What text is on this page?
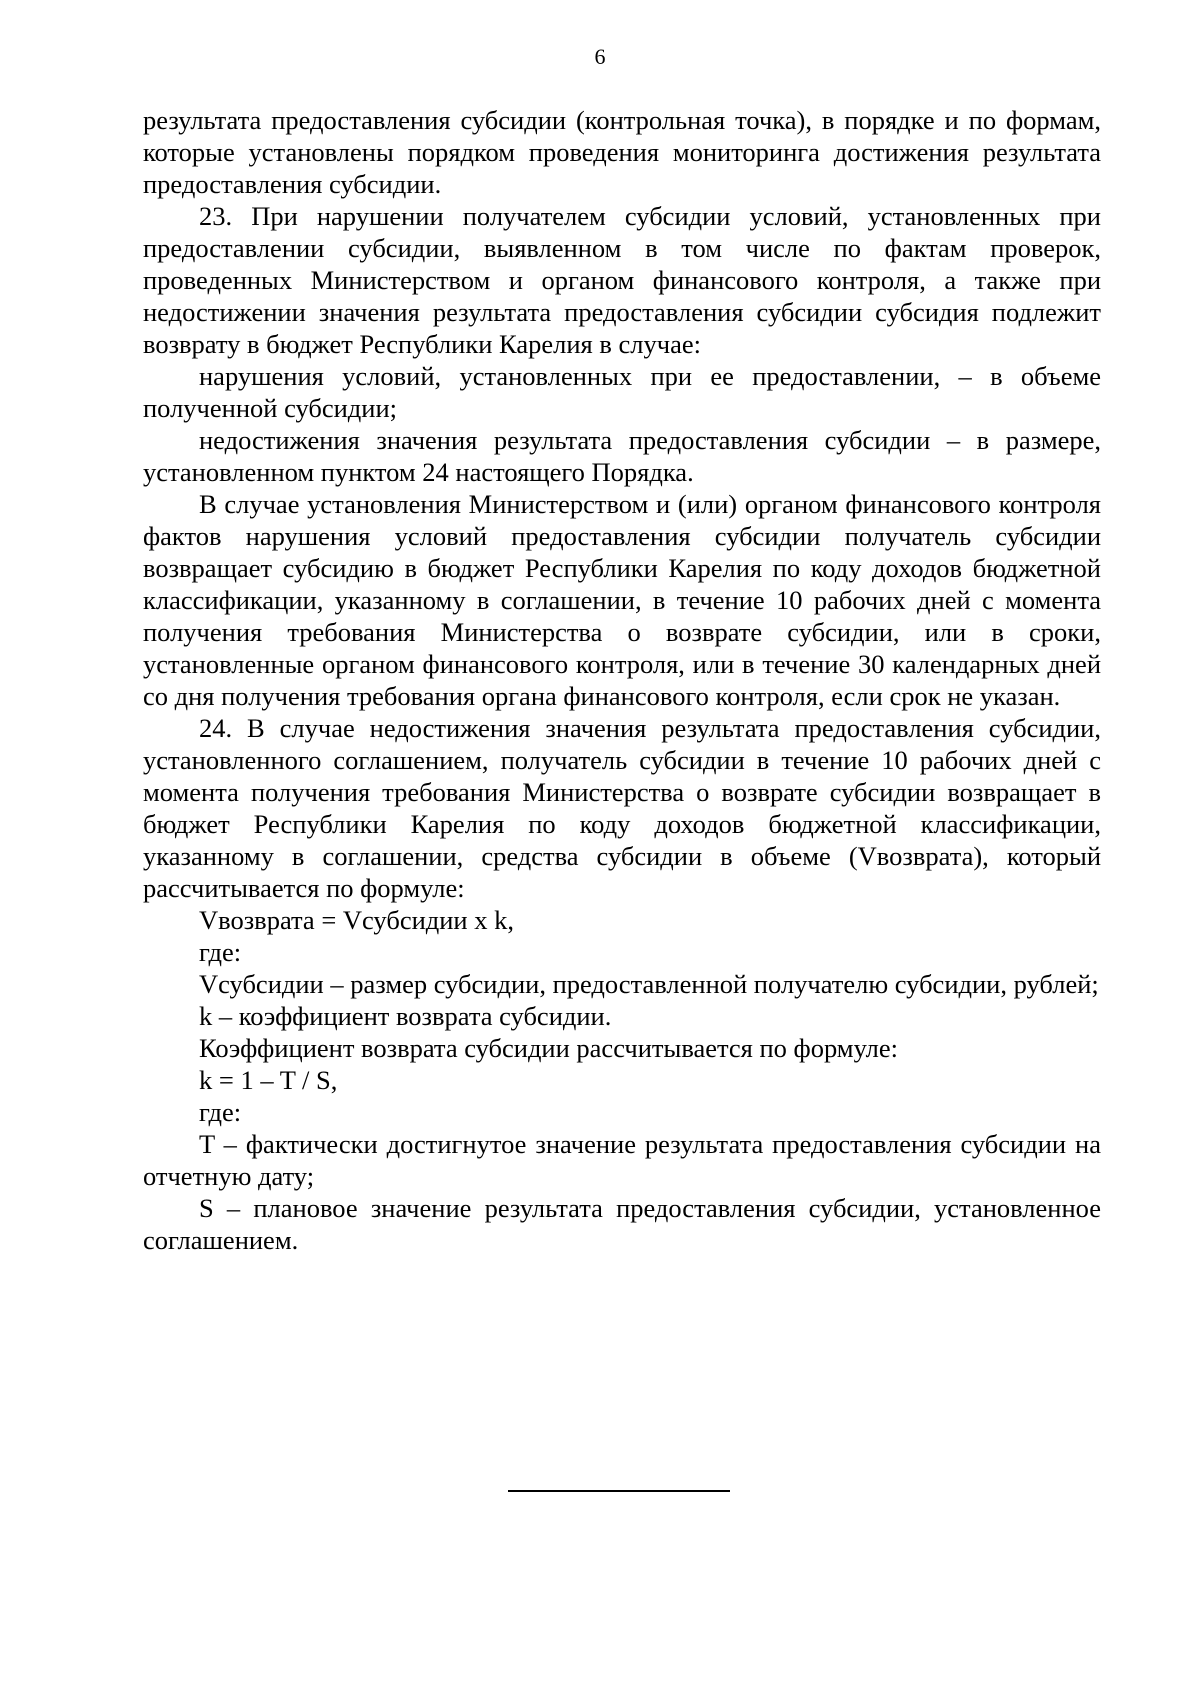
6

результата предоставления субсидии (контрольная точка), в порядке и по формам, которые установлены порядком проведения мониторинга достижения результата предоставления субсидии.

23. При нарушении получателем субсидии условий, установленных при предоставлении субсидии, выявленном в том числе по фактам проверок, проведенных Министерством и органом финансового контроля, а также при недостижении значения результата предоставления субсидии субсидия подлежит возврату в бюджет Республики Карелия в случае:

нарушения условий, установленных при ее предоставлении, – в объеме полученной субсидии;

недостижения значения результата предоставления субсидии – в размере, установленном пунктом 24 настоящего Порядка.

В случае установления Министерством и (или) органом финансового контроля фактов нарушения условий предоставления субсидии получатель субсидии возвращает субсидию в бюджет Республики Карелия по коду доходов бюджетной классификации, указанному в соглашении, в течение 10 рабочих дней с момента получения требования Министерства о возврате субсидии, или в сроки, установленные органом финансового контроля, или в течение 30 календарных дней со дня получения требования органа финансового контроля, если срок не указан.

24. В случае недостижения значения результата предоставления субсидии, установленного соглашением, получатель субсидии в течение 10 рабочих дней с момента получения требования Министерства о возврате субсидии возвращает в бюджет Республики Карелия по коду доходов бюджетной классификации, указанному в соглашении, средства субсидии в объеме (Vвозврата), который рассчитывается по формуле:

Vвозврата = Vсубсидии x k,

где:

Vсубсидии – размер субсидии, предоставленной получателю субсидии, рублей;

k – коэффициент возврата субсидии.

Коэффициент возврата субсидии рассчитывается по формуле:

k = 1 – T / S,

где:

T – фактически достигнутое значение результата предоставления субсидии на отчетную дату;

S – плановое значение результата предоставления субсидии, установленное соглашением.
